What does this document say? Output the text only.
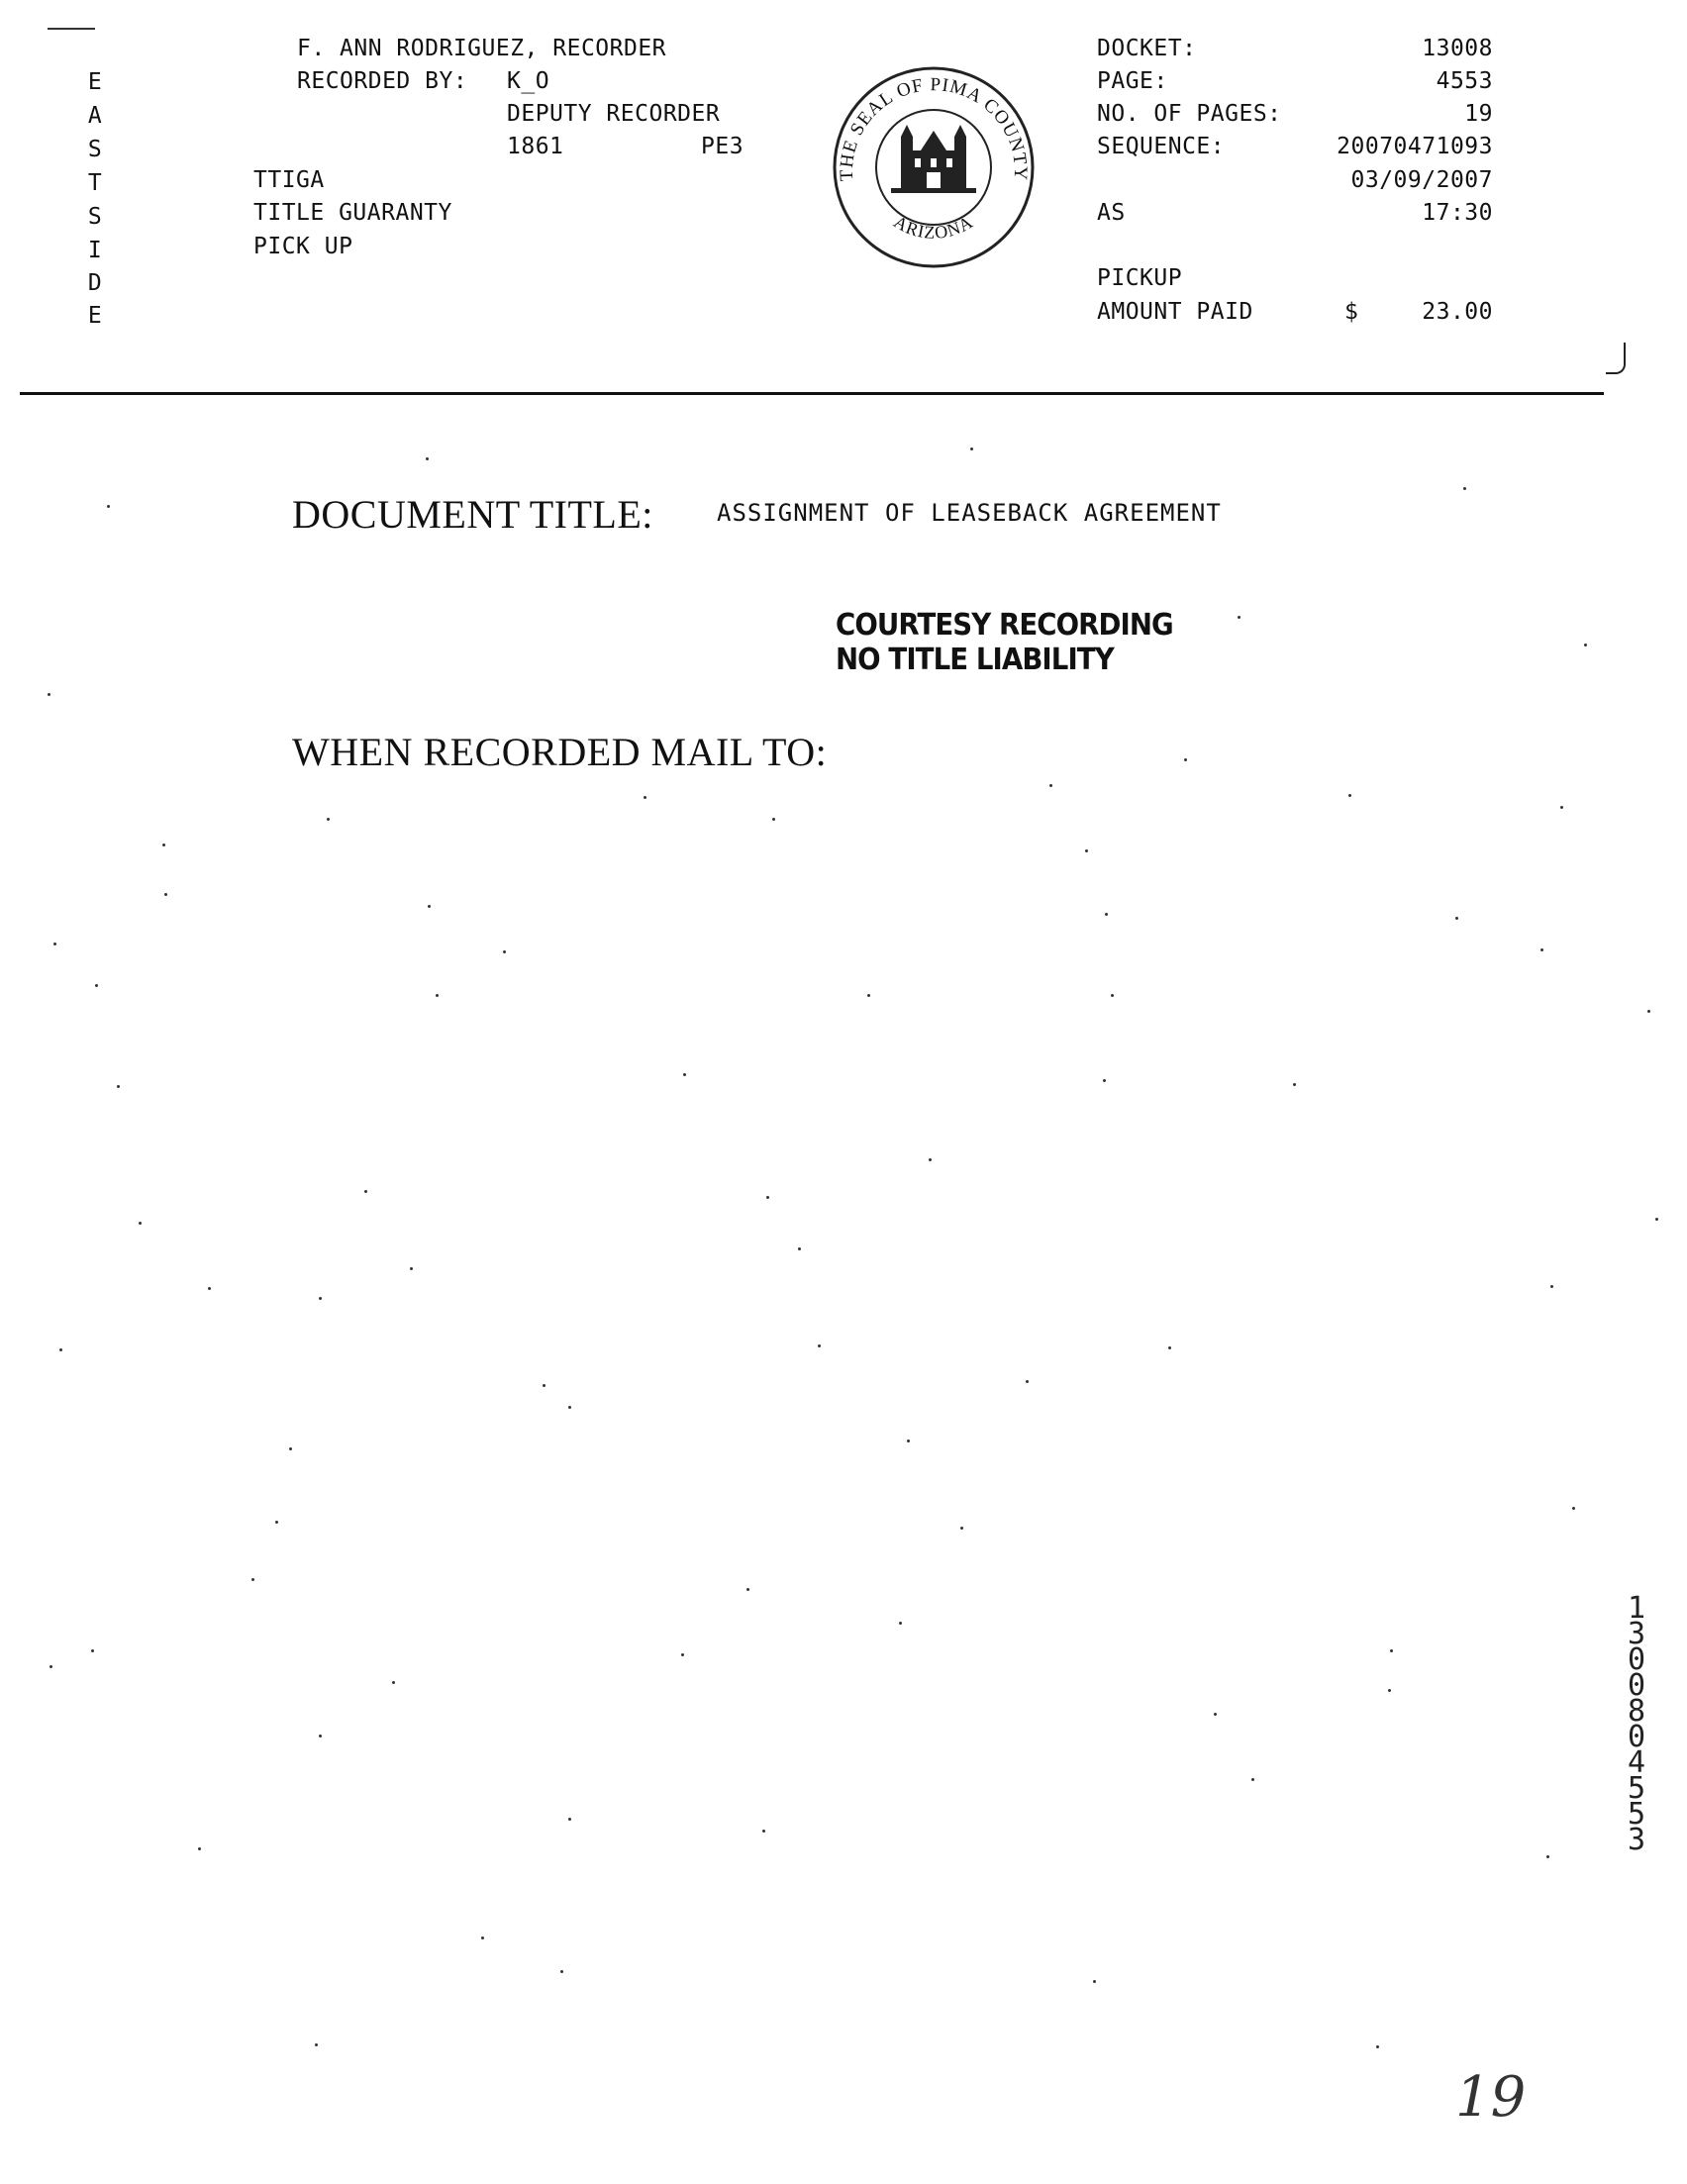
E
A
S
T
S
I
D
E
F. ANN RODRIGUEZ, RECORDER
RECORDED BY: K_O
DEPUTY RECORDER
1861	PE3
TTIGA
TITLE GUARANTY
PICK UP
THE SEAL OF PIMA COUNTY
ARIZONA
DOCKET:	13008
PAGE:	4553
NO. OF PAGES:	19
SEQUENCE:	20070471093
03/09/2007
AS	17:30
PICKUP
AMOUNT PAID	$	23.00
DOCUMENT TITLE:	ASSIGNMENT OF LEASEBACK AGREEMENT
COURTESY RECORDING
NO TITLE LIABILITY
WHEN RECORDED MAIL TO:
13008 04553
19
